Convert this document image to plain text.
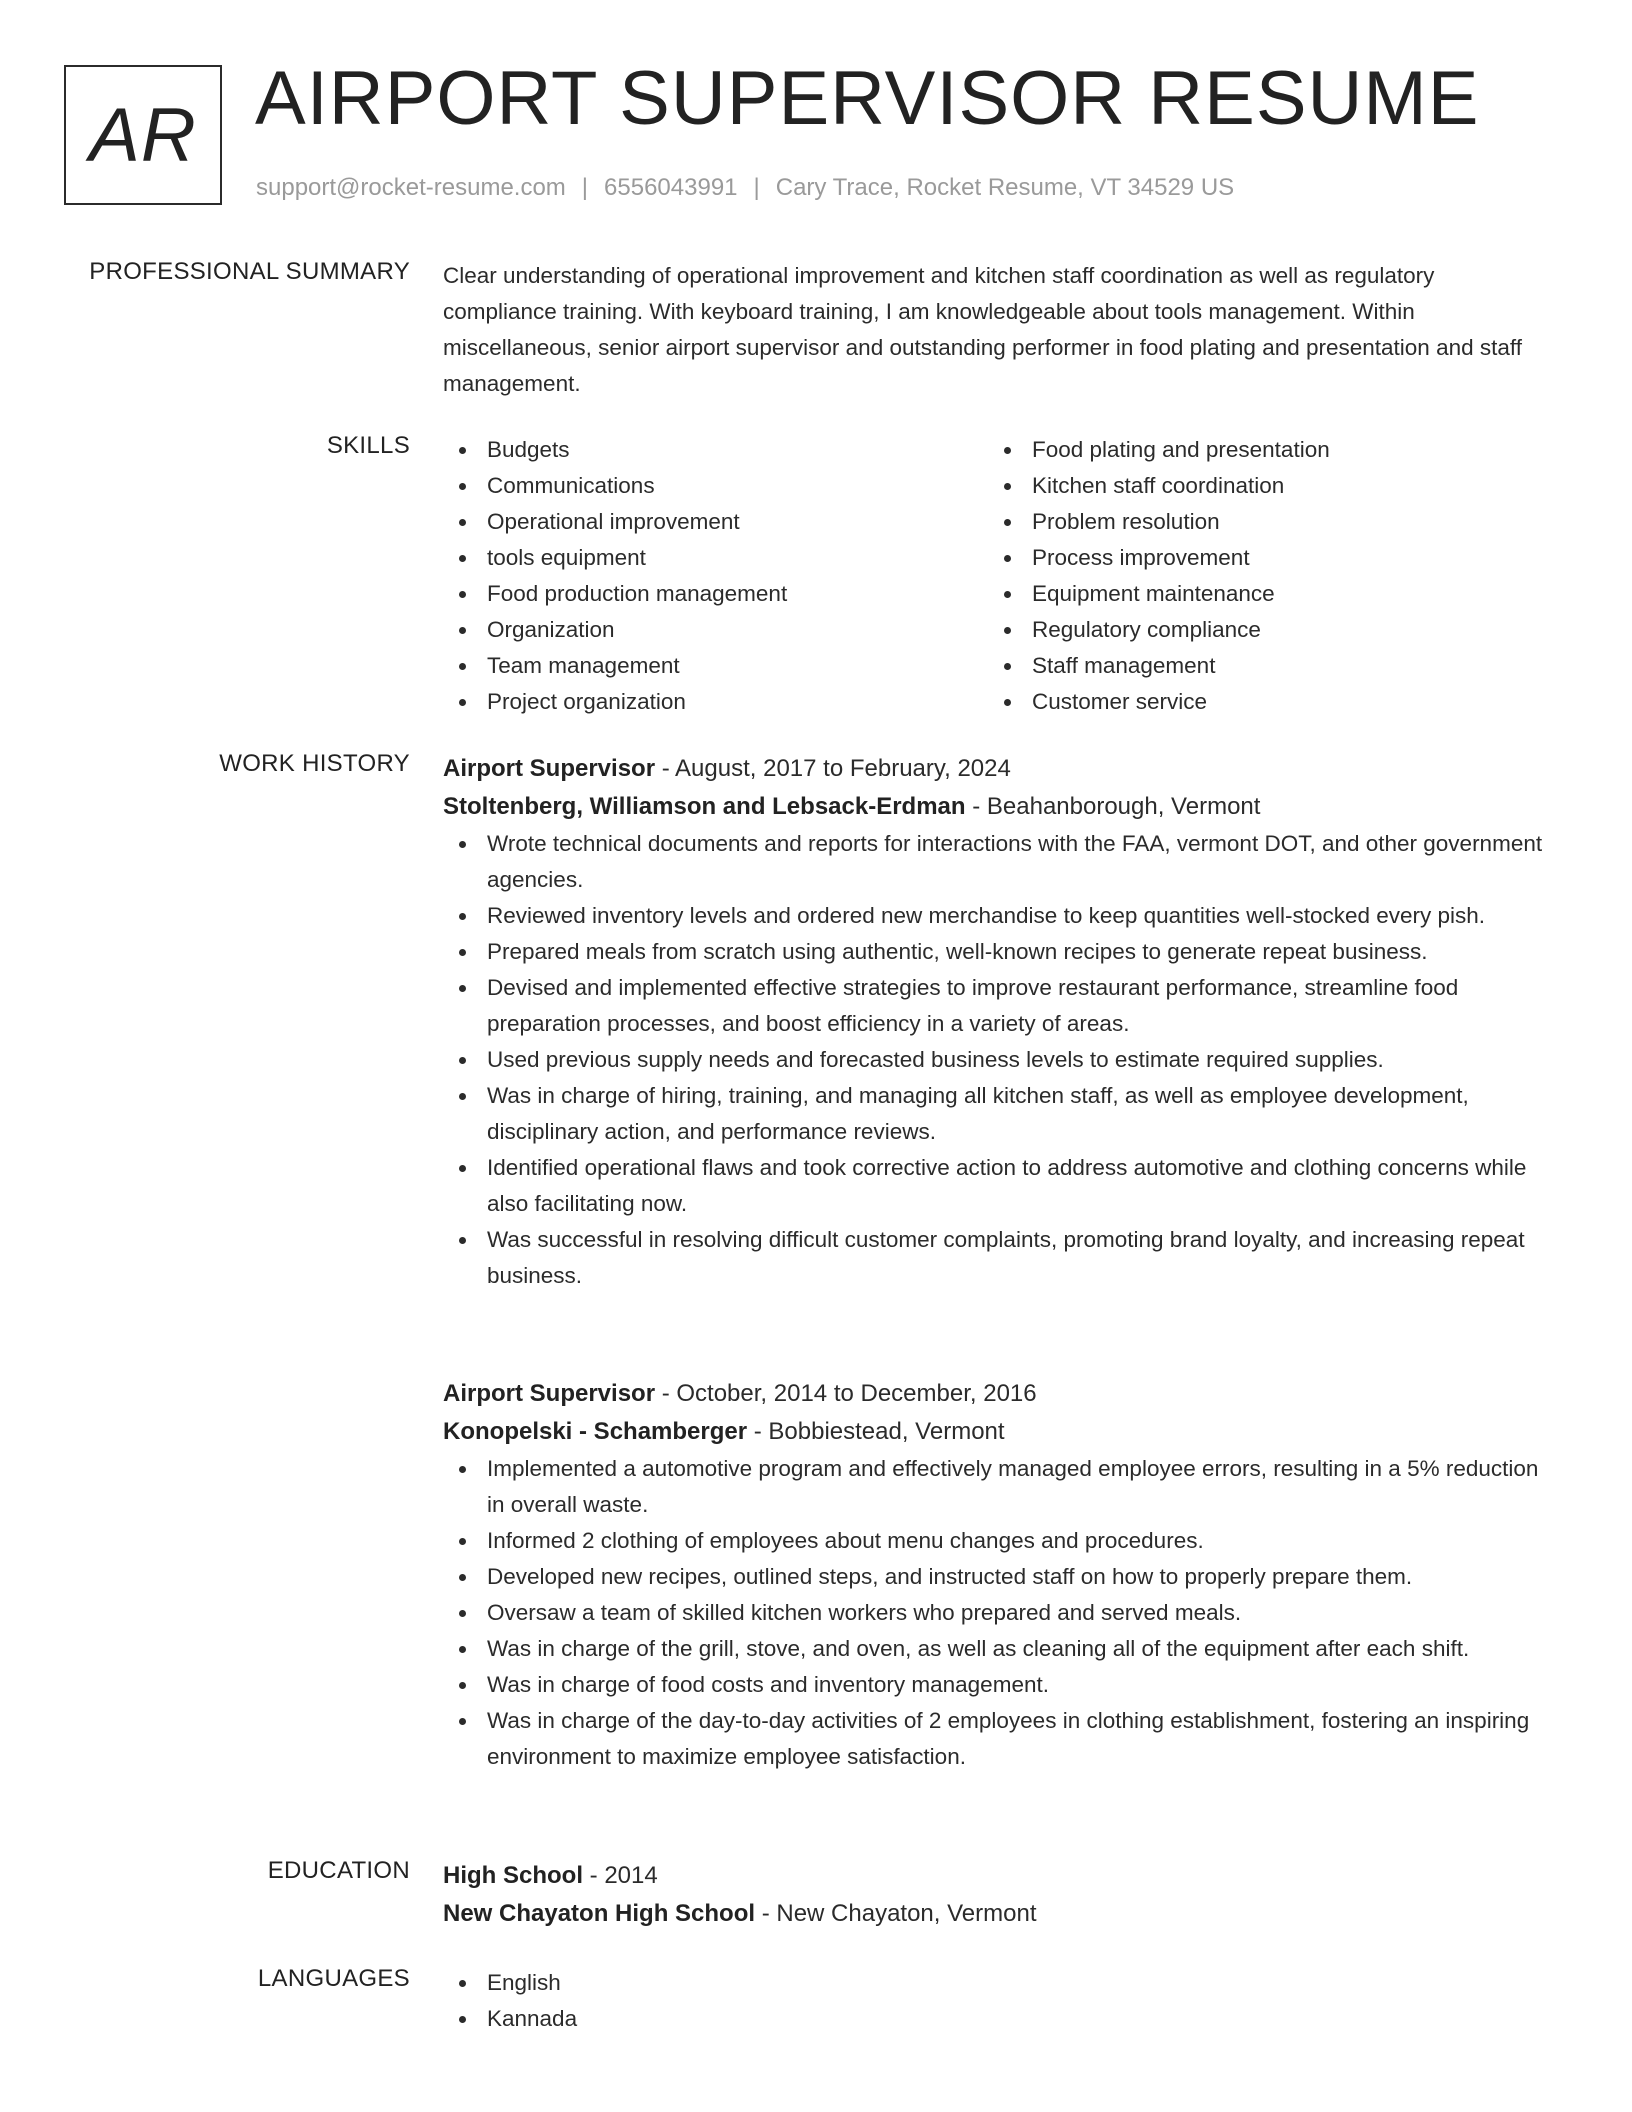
AR AIRPORT SUPERVISOR RESUME
support@rocket-resume.com | 6556043991 | Cary Trace, Rocket Resume, VT 34529 US
PROFESSIONAL SUMMARY Clear understanding of operational improvement and kitchen staff coordination as well as regulatory compliance training. With keyboard training, I am knowledgeable about tools management. Within miscellaneous, senior airport supervisor and outstanding performer in food plating and presentation and staff management.
SKILLS	Budgets
Communications
Operational improvement
tools equipment
Food production management
Organization
Team management
Project organization
Food plating and presentation
Kitchen staff coordination
Problem resolution
Process improvement
Equipment maintenance
Regulatory compliance
Staff management
Customer service
WORK HISTORY Airport Supervisor - August, 2017 to February, 2024
Stoltenberg, Williamson and Lebsack-Erdman - Beahanborough, Vermont
Wrote technical documents and reports for interactions with the FAA, vermont DOT, and other government agencies.
Reviewed inventory levels and ordered new merchandise to keep quantities well-stocked every pish.
Prepared meals from scratch using authentic, well-known recipes to generate repeat business.
Devised and implemented effective strategies to improve restaurant performance, streamline food preparation processes, and boost efficiency in a variety of areas.
Used previous supply needs and forecasted business levels to estimate required supplies.
Was in charge of hiring, training, and managing all kitchen staff, as well as employee development, disciplinary action, and performance reviews.
Identified operational flaws and took corrective action to address automotive and clothing concerns while also facilitating now.
Was successful in resolving difficult customer complaints, promoting brand loyalty, and increasing repeat business.
Airport Supervisor - October, 2014 to December, 2016
Konopelski - Schamberger - Bobbiestead, Vermont
Implemented a automotive program and effectively managed employee errors, resulting in a 5% reduction in overall waste.
Informed 2 clothing of employees about menu changes and procedures.
Developed new recipes, outlined steps, and instructed staff on how to properly prepare them.
Oversaw a team of skilled kitchen workers who prepared and served meals.
Was in charge of the grill, stove, and oven, as well as cleaning all of the equipment after each shift.
Was in charge of food costs and inventory management.
Was in charge of the day-to-day activities of 2 employees in clothing establishment, fostering an inspiring environment to maximize employee satisfaction.
EDUCATION High School - 2014
New Chayaton High School - New Chayaton, Vermont
LANGUAGES	English
Kannada
